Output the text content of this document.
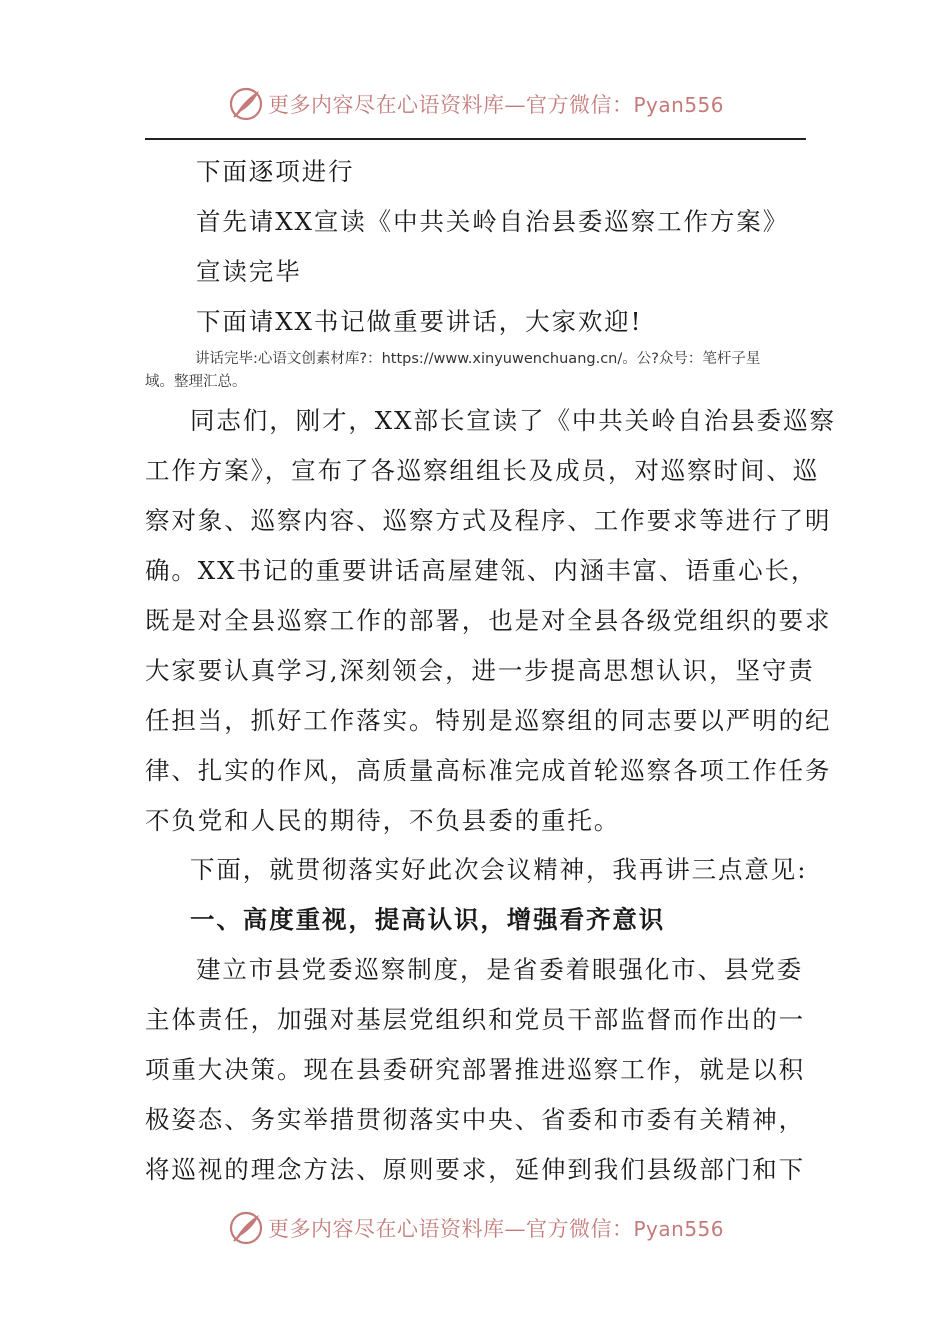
更多内容尽在心语资料库—官方微信：Pyan556
下面逐项进行
首先请XX宣读《中共关岭自治县委巡察工作方案》
宣读完毕
下面请XX书记做重要讲话，大家欢迎!
讲话完毕:心语文创素材库?：https://www.xinyuwenchuang.cn/。公?众号：笔杆子星
域。整理汇总。
同志们，刚才，XX部长宣读了《中共关岭自治县委巡察
工作方案》，宣布了各巡察组组长及成员，对巡察时间、巡
察对象、巡察内容、巡察方式及程序、工作要求等进行了明
确。XX书记的重要讲话高屋建瓴、内涵丰富、语重心长，
既是对全县巡察工作的部署，也是对全县各级党组织的要求
大家要认真学习,深刻领会，进一步提高思想认识，坚守责
任担当，抓好工作落实。特别是巡察组的同志要以严明的纪
律、扎实的作风，高质量高标准完成首轮巡察各项工作任务
不负党和人民的期待，不负县委的重托。
下面，就贯彻落实好此次会议精神，我再讲三点意见:
一、高度重视，提高认识，增强看齐意识
建立市县党委巡察制度，是省委着眼强化市、县党委
主体责任，加强对基层党组织和党员干部监督而作出的一
项重大决策。现在县委研究部署推进巡察工作，就是以积
极姿态、务实举措贯彻落实中央、省委和市委有关精神，
将巡视的理念方法、原则要求，延伸到我们县级部门和下
更多内容尽在心语资料库—官方微信：Pyan556
